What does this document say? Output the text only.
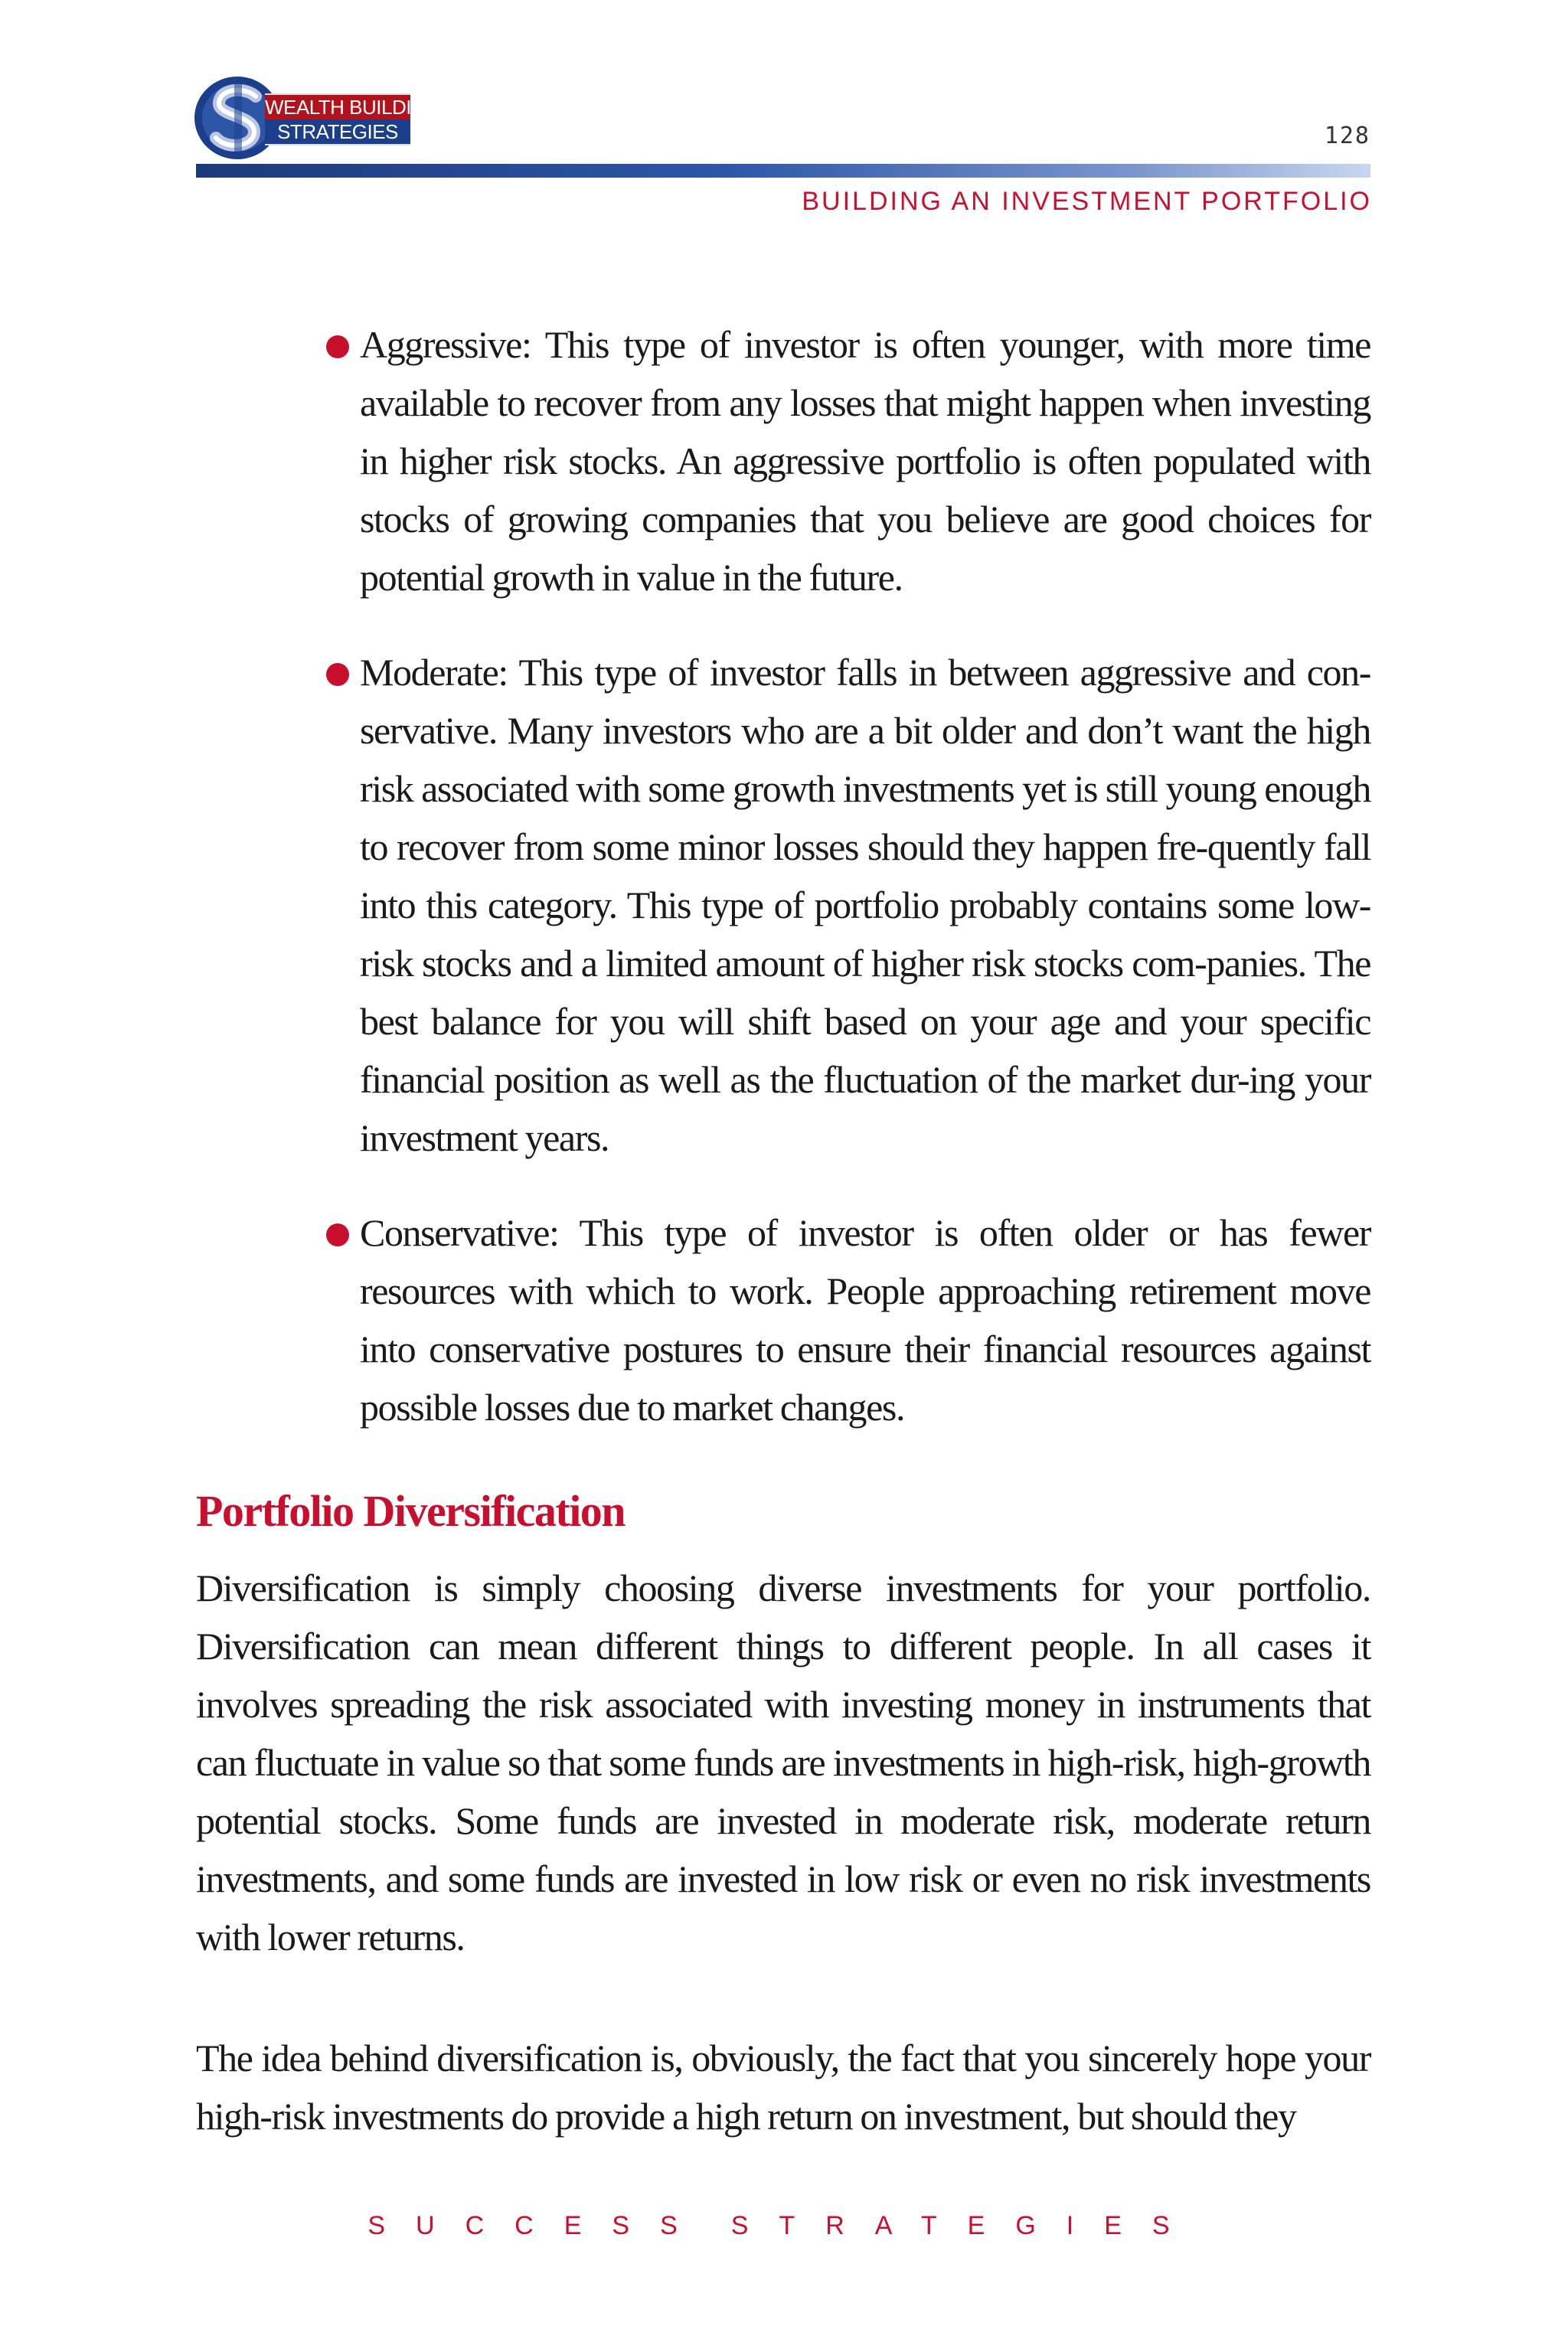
WEALTH BUILDING
STRATEGIES	128
BUILDING AN INVESTMENT PORTFOLIO
Aggressive: This type of investor is often younger, with more time available to recover from any losses that might happen when investing in higher risk stocks. An aggressive portfolio is often populated with stocks of growing companies that you believe are good choices for potential growth in value in the future.
Moderate: This type of investor falls in between aggressive and con-servative. Many investors who are a bit older and don’t want the high risk associated with some growth investments yet is still young enough to recover from some minor losses should they happen fre-quently fall into this category. This type of portfolio probably contains some low-risk stocks and a limited amount of higher risk stocks com-panies. The best balance for you will shift based on your age and your specific financial position as well as the fluctuation of the market dur-ing your investment years.
Conservative: This type of investor is often older or has fewer resources with which to work. People approaching retirement move into conservative postures to ensure their financial resources against possible losses due to market changes.
Portfolio Diversification

Diversification is simply choosing diverse investments for your portfolio. Diversification can mean different things to different people. In all cases it involves spreading the risk associated with investing money in instruments that can fluctuate in value so that some funds are investments in high-risk, high-growth potential stocks. Some funds are invested in moderate risk, moderate return investments, and some funds are invested in low risk or even no risk investments with lower returns.

The idea behind diversification is, obviously, the fact that you sincerely hope your high-risk investments do provide a high return on investment, but should they

SUCCESS STRATEGIES
